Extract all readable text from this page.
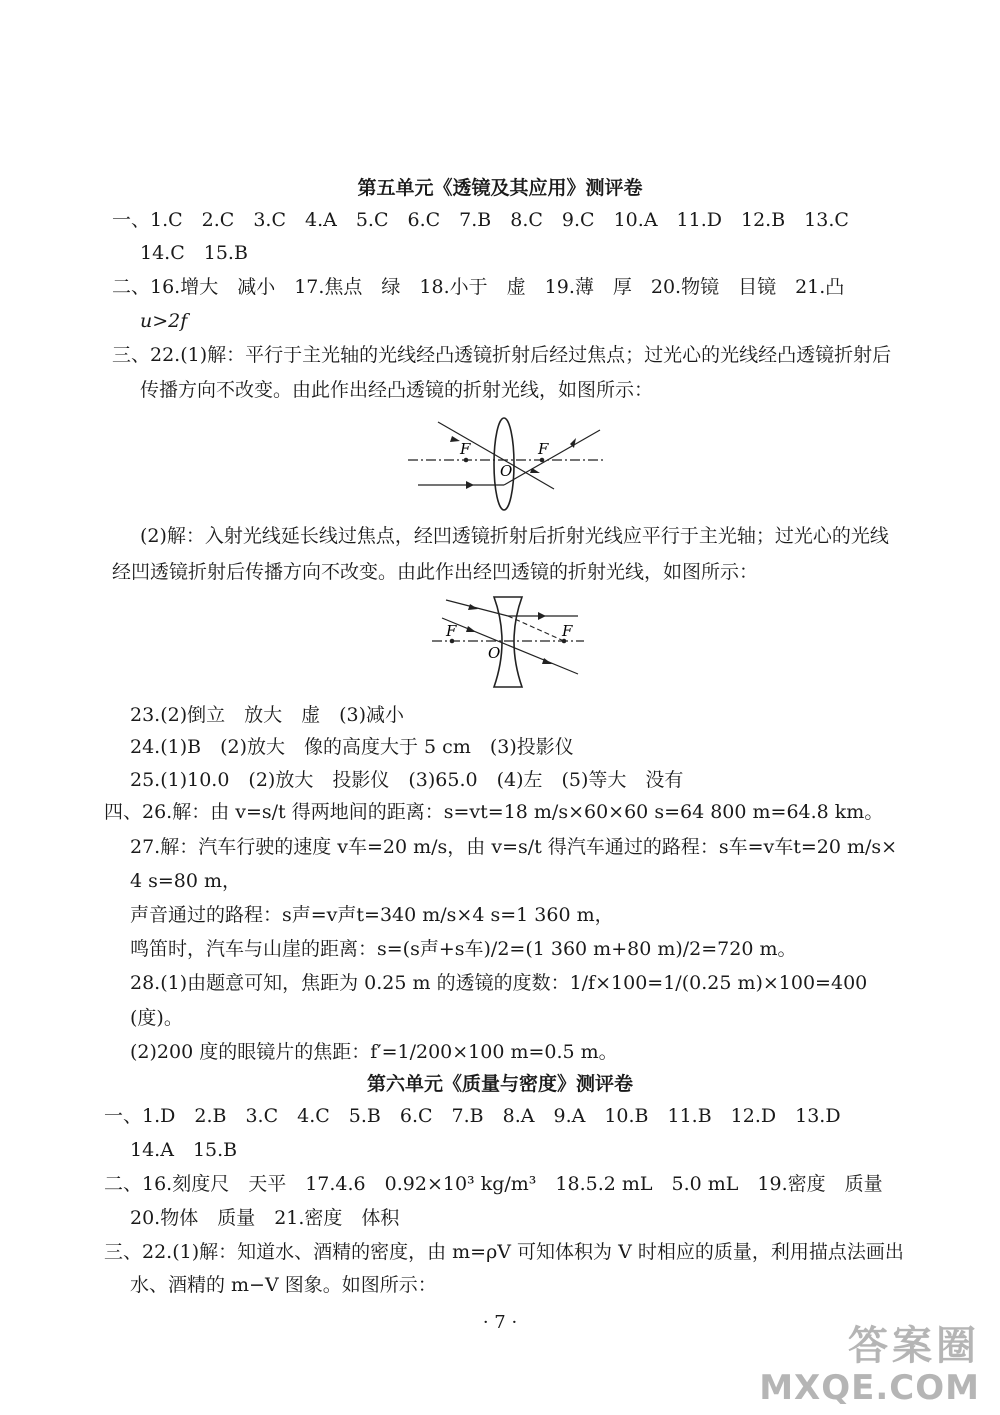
第五单元《透镜及其应用》测评卷
一、1.C　2.C　3.C　4.A　5.C　6.C　7.B　8.C　9.C　10.A　11.D　12.B　13.C
14.C　15.B
二、16.增大　减小　17.焦点　绿　18.小于　虚　19.薄　厚　20.物镜　目镜　21.凸
u>2f
三、22.(1)解：平行于主光轴的光线经凸透镜折射后经过焦点；过光心的光线经凸透镜折射后
传播方向不改变。由此作出经凸透镜的折射光线，如图所示：
F	F
O
(2)解：入射光线延长线过焦点，经凹透镜折射后折射光线应平行于主光轴；过光心的光线
经凹透镜折射后传播方向不改变。由此作出经凹透镜的折射光线，如图所示：
F	F
O
23.(2)倒立　放大　虚　(3)减小
24.(1)B　(2)放大　像的高度大于 5 cm　(3)投影仪
25.(1)10.0　(2)放大　投影仪　(3)65.0　(4)左　(5)等大　没有
四、26.解：由 v=s/t 得两地间的距离：s=vt=18 m/s×60×60 s=64 800 m=64.8 km。
27.解：汽车行驶的速度 v车=20 m/s，由 v=s/t 得汽车通过的路程：s车=v车t=20 m/s×
4 s=80 m，
声音通过的路程：s声=v声t=340 m/s×4 s=1 360 m，
鸣笛时，汽车与山崖的距离：s=(s声+s车)/2=(1 360 m+80 m)/2=720 m。
28.(1)由题意可知，焦距为 0.25 m 的透镜的度数：1/f×100=1/(0.25 m)×100=400
(度)。
(2)200 度的眼镜片的焦距：f′=1/200×100 m=0.5 m。
第六单元《质量与密度》测评卷
一、1.D　2.B　3.C　4.C　5.B　6.C　7.B　8.A　9.A　10.B　11.B　12.D　13.D
14.A　15.B
二、16.刻度尺　天平　17.4.6　0.92×10³ kg/m³　18.5.2 mL　5.0 mL　19.密度　质量
20.物体　质量　21.密度　体积
三、22.(1)解：知道水、酒精的密度，由 m=ρV 可知体积为 V 时相应的质量，利用描点法画出
水、酒精的 m−V 图象。如图所示：
· 7 ·
答案圈
MXQE.COM
